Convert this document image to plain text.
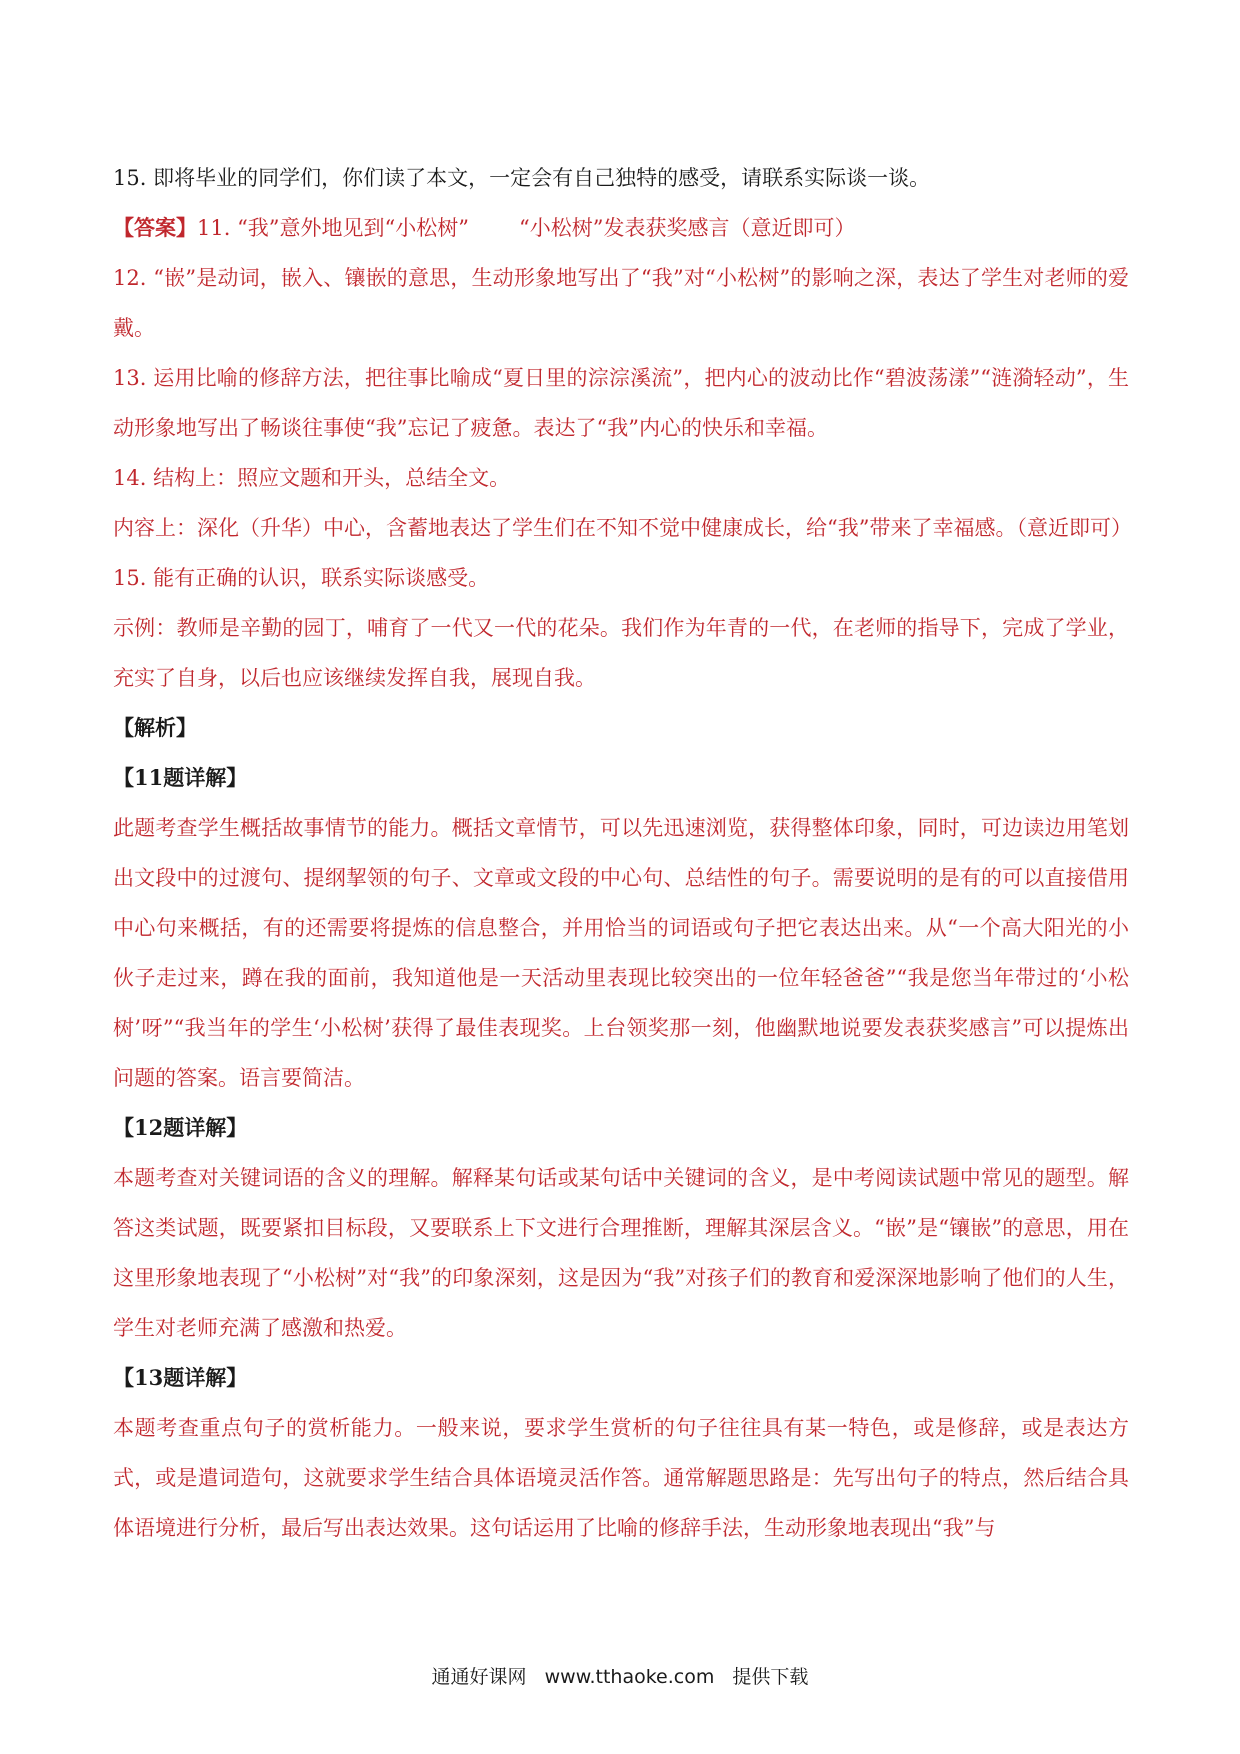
15. 即将毕业的同学们，你们读了本文，一定会有自己独特的感受，请联系实际谈一谈。

【答案】11. “我”意外地见到“小松树” “小松树”发表获奖感言（意近即可）

12. “嵌”是动词，嵌入、镶嵌的意思，生动形象地写出了“我”对“小松树”的影响之深，表达了学生对老师的爱戴。

13. 运用比喻的修辞方法，把往事比喻成“夏日里的淙淙溪流”，把内心的波动比作“碧波荡漾”“涟漪轻动”，生动形象地写出了畅谈往事使“我”忘记了疲惫。表达了“我”内心的快乐和幸福。

14. 结构上：照应文题和开头，总结全文。

内容上：深化（升华）中心，含蓄地表达了学生们在不知不觉中健康成长，给“我”带来了幸福感。（意近即可）

15. 能有正确的认识，联系实际谈感受。

示例：教师是辛勤的园丁，哺育了一代又一代的花朵。我们作为年青的一代，在老师的指导下，完成了学业，充实了自身，以后也应该继续发挥自我，展现自我。

【解析】

【11题详解】

此题考查学生概括故事情节的能力。概括文章情节，可以先迅速浏览，获得整体印象，同时，可边读边用笔划出文段中的过渡句、提纲挈领的句子、文章或文段的中心句、总结性的句子。需要说明的是有的可以直接借用中心句来概括，有的还需要将提炼的信息整合，并用恰当的词语或句子把它表达出来。从“一个高大阳光的小伙子走过来，蹲在我的面前，我知道他是一天活动里表现比较突出的一位年轻爸爸”“我是您当年带过的‘小松树’呀”“我当年的学生‘小松树’获得了最佳表现奖。上台领奖那一刻，他幽默地说要发表获奖感言”可以提炼出问题的答案。语言要简洁。

【12题详解】

本题考查对关键词语的含义的理解。解释某句话或某句话中关键词的含义，是中考阅读试题中常见的题型。解答这类试题，既要紧扣目标段，又要联系上下文进行合理推断，理解其深层含义。“嵌”是“镶嵌”的意思，用在这里形象地表现了“小松树”对“我”的印象深刻，这是因为“我”对孩子们的教育和爱深深地影响了他们的人生，学生对老师充满了感激和热爱。

【13题详解】

本题考查重点句子的赏析能力。一般来说，要求学生赏析的句子往往具有某一特色，或是修辞，或是表达方式，或是遣词造句，这就要求学生结合具体语境灵活作答。通常解题思路是：先写出句子的特点，然后结合具体语境进行分析，最后写出表达效果。这句话运用了比喻的修辞手法，生动形象地表现出“我”与

通通好课网 www.tthaoke.com 提供下载
